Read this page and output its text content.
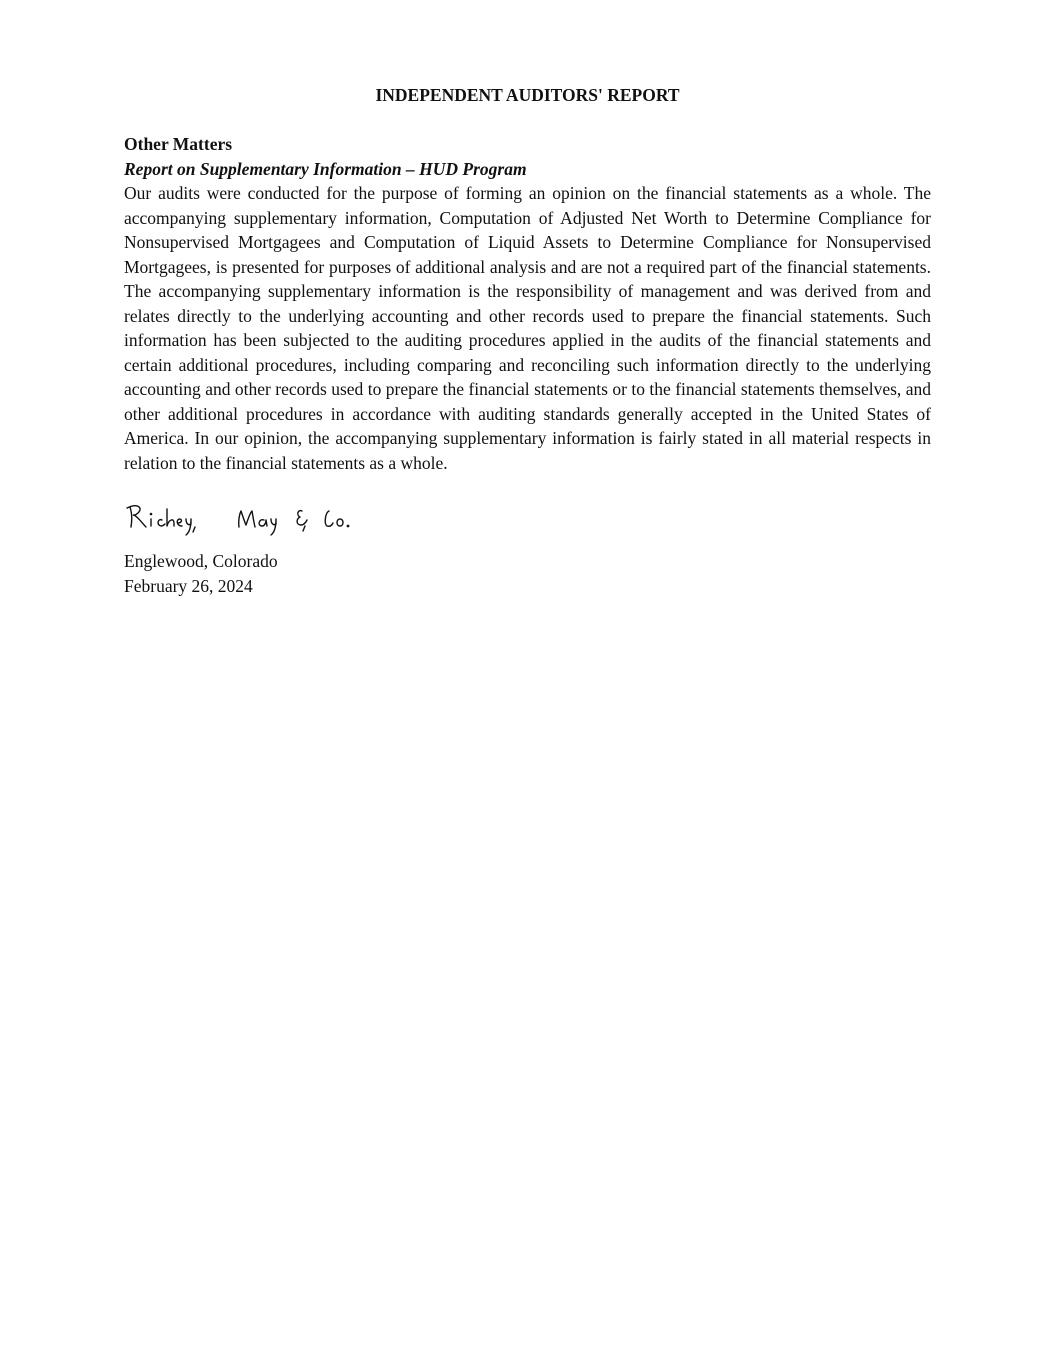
INDEPENDENT AUDITORS' REPORT

Other Matters

Report on Supplementary Information – HUD Program

Our audits were conducted for the purpose of forming an opinion on the financial statements as a whole. The accompanying supplementary information, Computation of Adjusted Net Worth to Determine Compliance for Nonsupervised Mortgagees and Computation of Liquid Assets to Determine Compliance for Nonsupervised Mortgagees, is presented for purposes of additional analysis and are not a required part of the financial statements. The accompanying supplementary information is the responsibility of management and was derived from and relates directly to the underlying accounting and other records used to prepare the financial statements. Such information has been subjected to the auditing procedures applied in the audits of the financial statements and certain additional procedures, including comparing and reconciling such information directly to the underlying accounting and other records used to prepare the financial statements or to the financial statements themselves, and other additional procedures in accordance with auditing standards generally accepted in the United States of America. In our opinion, the accompanying supplementary information is fairly stated in all material respects in relation to the financial statements as a whole.

Englewood, Colorado

February 26, 2024
